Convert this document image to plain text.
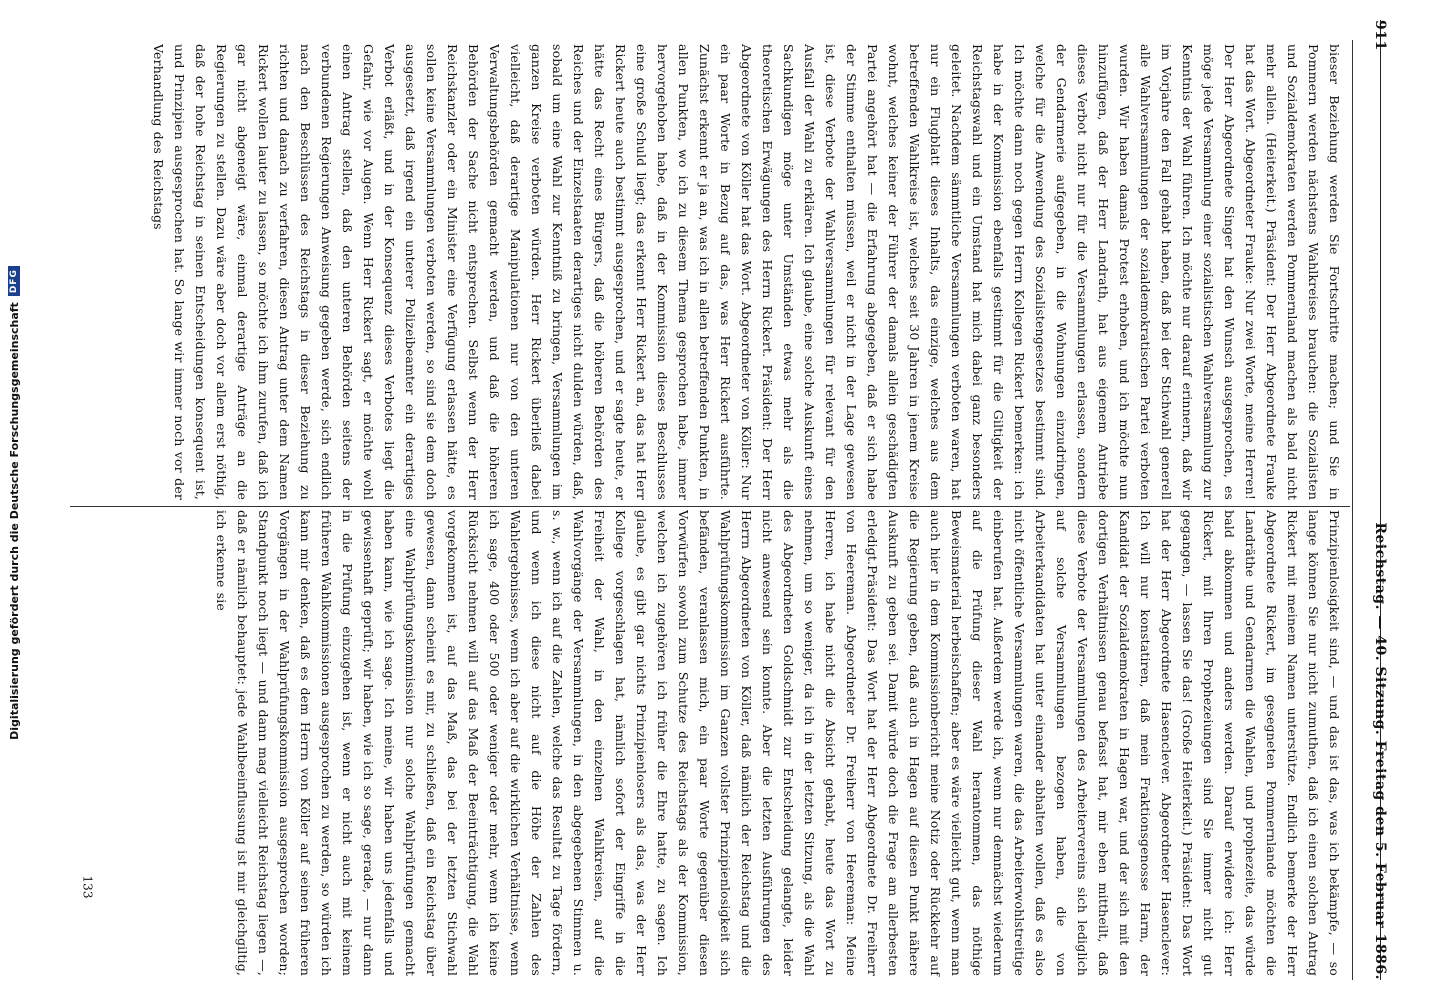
Digitalisierung gefördert durch die Deutsche Forschungsgemeinschaft
DFG
911
Reichstag. — 40. Sitzung. Freitag den 5. Februar 1886.
bieser Beziehung werden Sie Fortschritte machen; und Sie in Pommern werden nächstens Wahlkreises brauchen: die Sozialisten und Sozialdemokraten werden Pommernland machen als bald nicht mehr allein. (Heiterkeit.) Präsident: Der Herr Abgeordnete Frauke hat das Wort. Abgeordneter Frauke: Nur zwei Worte, meine Herren! Der Herr Abgeordnete Singer hat den Wunsch ausgesprochen, es möge jede Versammlung einer sozialistischen Wahlversammlung zur Kenntnis der Wahl führen. Ich möchte nur darauf erinnern, daß wir im Vorjahre den Fall gehabt haben, daß bei der Stichwahl generell alle Wahlversammlungen der sozialdemokratischen Partei verboten wurden. Wir haben damals Protest erhoben, und ich möchte nun hinzufügen, daß der Herr Landrath, hat aus eigenem Antriebe dieses Verbot nicht nur für die Versammlungen erlassen, sondern der Gendarmerie aufgegeben, in die Wohnungen einzudringen, welche für die Anwendung des Sozialistengesetzes bestimmt sind. Ich möchte dann noch gegen Herrn Kollegen Rickert bemerken: ich habe in der Kommission ebenfalls gestimmt für die Giltigkeit der Reichstagswahl und ein Umstand hat mich dabei ganz besonders geleitet. Nachdem sämmtliche Versammlungen verboten waren, hat nur ein Flugblatt dieses Inhalts, das einzige, welches aus dem betreffenden Wahlkreise ist, welches seit 30 Jahren in jenem Kreise wohnt, welches keiner der Führer der damals allein geschädigten Partei angehört hat — die Erfahrung abgegeben, daß er sich habe der Stimme enthalten müssen, weil er nicht in der Lage gewesen ist, diese Verbote der Wahlversammlungen für relevant für den Ausfall der Wahl zu erklären. Ich glaube, eine solche Auskunft eines Sachkundigen möge unter Umständen etwas mehr als die theoretischen Erwägungen des Herrn Rickert. Präsident: Der Herr Abgeordnete von Köller hat das Wort. Abgeordneter von Köller: Nur ein paar Worte in Bezug auf das, was Herr Rickert ausführte. Zunächst erkennt er ja an, was ich in allen betreffenden Punkten, in allen Punkten, wo ich zu diesem Thema gesprochen habe, immer hervorgehoben habe, daß in der Kommission dieses Beschlusses eine große Schuld liegt; das erkennt Herr Rickert an, das hat Herr Rickert heute auch bestimmt ausgesprochen, und er sagte heute, er hätte das Recht eines Bürgers, daß die höheren Behörden des Reiches und der Einzelstaaten derartiges nicht dulden würden, daß, sobald um eine Wahl zur Kenntniß zu bringen, Versammlungen im ganzen Kreise verboten würden. Herr Rickert überließ dabei vielleicht, daß derartige Manipulationen nur von den unteren Verwaltungsbehörden gemacht werden, und daß die höheren Behörden der Sache nicht entsprechen. Selbst wenn der Herr Reichskanzler oder ein Minister eine Verfügung erlassen hätte, es sollen keine Versammlungen verboten werden, so sind sie dem doch ausgesetzt, daß irgend ein unterer Polizeibeamter ein derartiges Verbot erläßt, und in der Konsequenz dieses Verbotes liegt die Gefahr, wie vor Augen. Wenn Herr Rickert sagt, er möchte wohl einen Antrag stellen, daß den unteren Behörden seitens der verbundenen Regierungen Anweisung gegeben werde, sich endlich nach den Beschlüssen des Reichstags in dieser Beziehung zu richten und danach zu verfahren, diesen Antrag unter dem Namen Rickert wollen lauter zu lassen, so möchte ich ihm zurufen, daß ich gar nicht abgeneigt wäre, einmal derartige Anträge an die Regierungen zu stellen. Dazu wäre aber doch vor allem erst nöthig, daß der hohe Reichstag in seinen Entscheidungen konsequent ist, und Prinzipien ausgesprochen hat. So lange wir immer noch vor der Verhandlung des Reichstags
Prinzipienlosigkeit sind, — und das ist das, was ich bekämpfe, — so lange können Sie nur nicht zumuthen, daß ich einen solchen Antrag Rickert mit meinem Namen unterstütze. Endlich bemerke der Herr Abgeordnete Rickert, im gesegneten Pommernlande möchten die Landräthe und Gendarmen die Wahlen, und prophezeite, das würde bald abkommen und anders werden. Darauf erwidere ich: Herr Rickert, mit Ihren Prophezeiungen sind Sie immer nicht gut gegangen, — lassen Sie das! (Große Heiterkeit.) Präsident: Das Wort hat der Herr Abgeordnete Hasenclever. Abgeordneter Hasenclever: Ich will nur konstatiren, daß mein Fraktionsgenosse Harm, der Kandidat der Sozialdemokraten in Hagen war, und der sich mit den dortigen Verhältnissen genau befasst hat, mir eben mittheilt, daß diese Verbote der Versammlungen des Arbeitervereins sich lediglich auf solche Versammlungen bezogen haben, die von Arbeiterkandidaten hat unter einander abhalten wollen, daß es also nicht öffentliche Versammlungen waren, die das Arbeiterwohlstreitige einberufen hat. Außerdem werde ich, wenn nur demnächst wiederum auf die Prüfung dieser Wahl herantommen, das nöthige Beweismaterial herbeischaffen; aber es wäre vielleicht gut, wenn man auch hier in dem Kommissionbericht meine Notiz oder Rückkehr auf die Regierung geben, daß auch in Hagen auf diesen Punkt nähere Auskunft zu geben sei. Damit würde doch die Frage am allerbesten erledigt.Präsident: Das Wort hat der Herr Abgeordnete Dr. Freiherr von Heereman. Abgeordneter Dr. Freiherr von Heereman: Meine Herren, ich habe nicht die Absicht gehabt, heute das Wort zu nehmen, um so weniger, da ich in der letzten Sitzung, als die Wahl des Abgeordneten Goldschmidt zur Entscheidung gelangte, leider nicht anwesend sein konnte. Aber die letzten Ausführungen des Herrn Abgeordneten von Köller, daß nämlich der Reichstag und die Wahlprüfungskommission im Ganzen vollster Prinzipienlosigkeit sich befänden, veranlassen mich, ein paar Worte gegenüber diesen Vorwürfen sowohl zum Schutze des Reichstags als der Kommission, welchen ich zugehören ich früher die Ehre hatte, zu sagen. Ich glaube, es gibt gar nichts Prinzipienlosers als das, was der Herr Kollege vorgeschlagen hat, nämlich sofort der Eingriffe in die Freiheit der Wahl, in den einzelnen Wahlkreisen, auf die Wahlvorgänge der Versammlungen, in den abgegebenen Stimmen u. s. w., wenn ich auf die Zahlen, welche das Resultat zu Tage fördern, und wenn ich diese nicht auf die Höhe der Zahlen des Wahlergebnisses, wenn ich aber auf die wirklichen Verhältnisse, wenn ich sage, 400 oder 500 oder weniger oder mehr, wenn ich keine Rücksicht nehmen will auf das Maß der Beeinträchtigung, die Wahl vorgekommen ist, auf das Maß, das bei der letzten Stichwahl gewesen, dann scheint es mir, zu schließen, daß ein Reichstag über eine Wahlprüfungskommission nur solche Wahlprüfungen gemacht haben kann, wie ich sage. Ich meine, wir haben uns jedenfalls und gewissenhaft geprüft; wir haben, wie ich so sage, gerade, — nur dann in die Prüfung einzugehen ist, wenn er nicht auch mit keinem früheren Wahlkommissionen ausgesprochen zu werden, so würden ich kann mir denken, daß es dem Herrn von Köller auf seinen früheren Vorgängen in der Wahlprüfungskommission ausgesprochen worden; Standpunkt noch liegt — und dann mag vielleicht Reichstag liegen —, daß er nämlich behauptet: jede Wahlbeeinflussung ist mir gleichgiltig, ich erkenne sie
133
